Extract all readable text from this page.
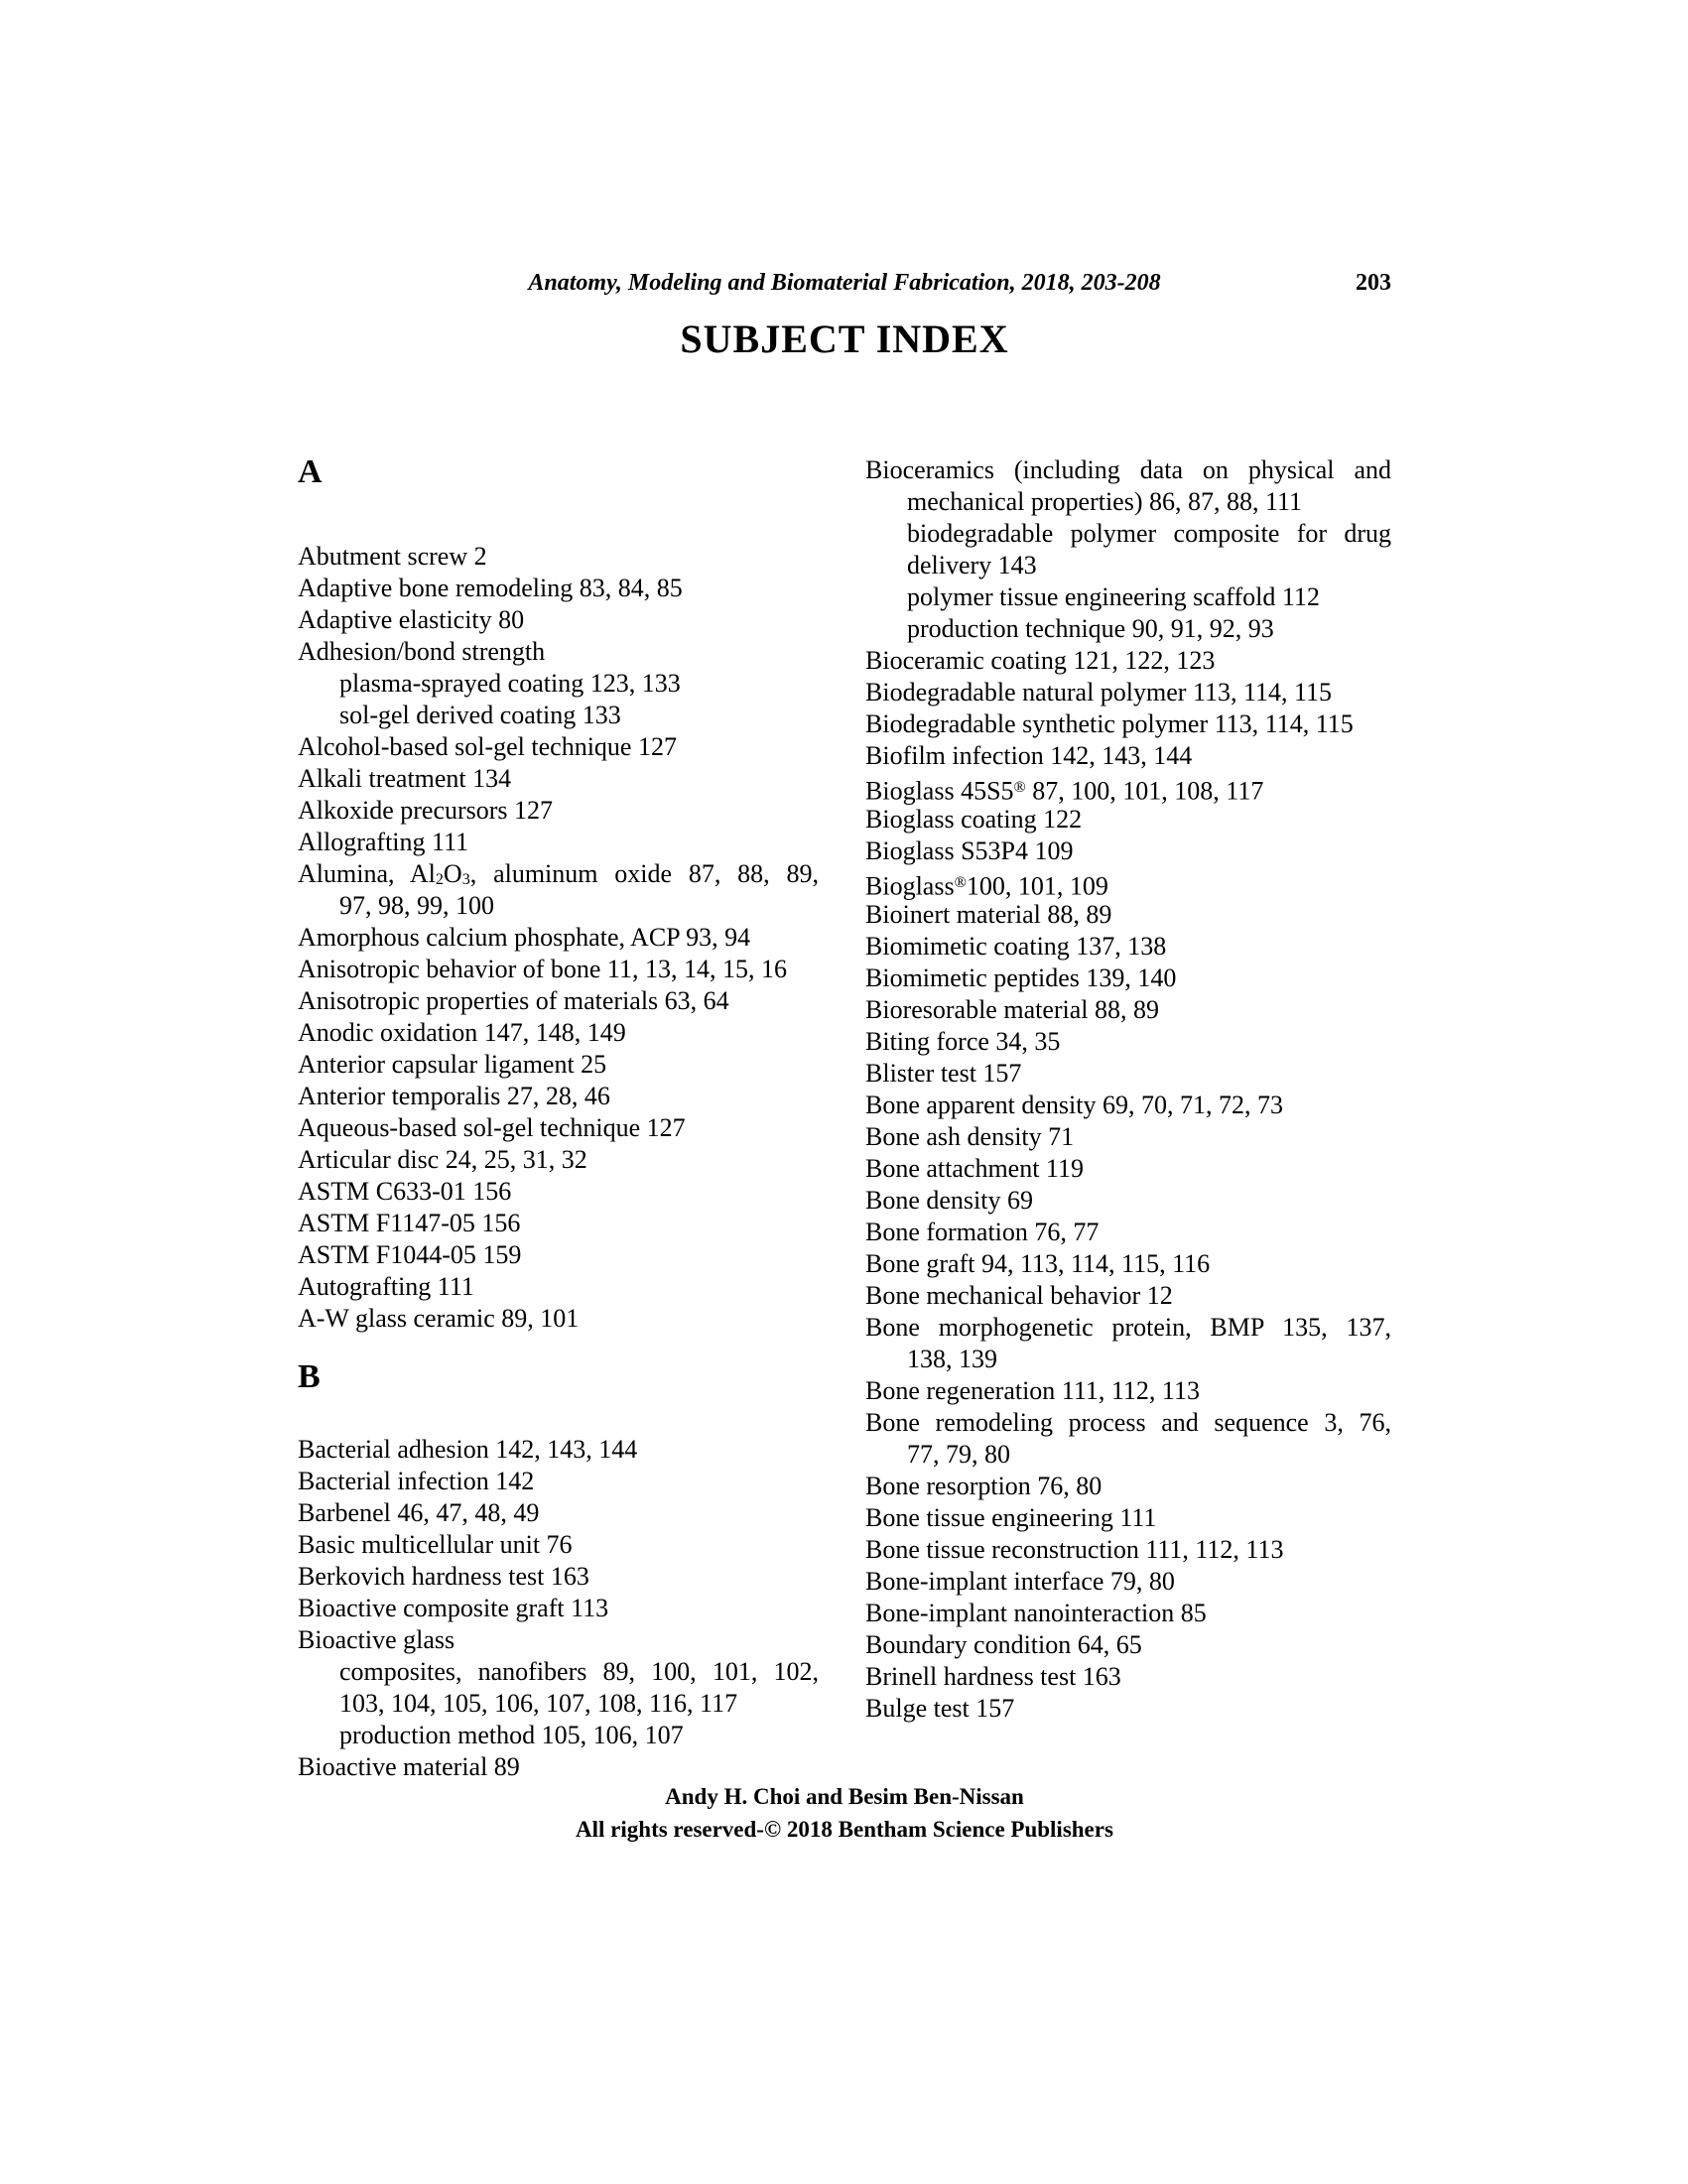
Anatomy, Modeling and Biomaterial Fabrication, 2018, 203-208	203
SUBJECT INDEX
A
Abutment screw 2
Adaptive bone remodeling 83, 84, 85
Adaptive elasticity 80
Adhesion/bond strength
plasma-sprayed coating 123, 133
sol-gel derived coating 133
Alcohol-based sol-gel technique 127
Alkali treatment 134
Alkoxide precursors 127
Allografting 111
Alumina, Al2O3, aluminum oxide 87, 88, 89,
97, 98, 99, 100
Amorphous calcium phosphate, ACP 93, 94
Anisotropic behavior of bone 11, 13, 14, 15, 16
Anisotropic properties of materials 63, 64
Anodic oxidation 147, 148, 149
Anterior capsular ligament 25
Anterior temporalis 27, 28, 46
Aqueous-based sol-gel technique 127
Articular disc 24, 25, 31, 32
ASTM C633-01 156
ASTM F1147-05 156
ASTM F1044-05 159
Autografting 111
A-W glass ceramic 89, 101
B
Bacterial adhesion 142, 143, 144
Bacterial infection 142
Barbenel 46, 47, 48, 49
Basic multicellular unit 76
Berkovich hardness test 163
Bioactive composite graft 113
Bioactive glass
composites, nanofibers 89, 100, 101, 102,
103, 104, 105, 106, 107, 108, 116, 117
production method 105, 106, 107
Bioactive material 89
Bioceramics (including data on physical and
mechanical properties) 86, 87, 88, 111
biodegradable polymer composite for drug
delivery 143
polymer tissue engineering scaffold 112
production technique 90, 91, 92, 93
Bioceramic coating 121, 122, 123
Biodegradable natural polymer 113, 114, 115
Biodegradable synthetic polymer 113, 114, 115
Biofilm infection 142, 143, 144
Bioglass 45S5® 87, 100, 101, 108, 117
Bioglass coating 122
Bioglass S53P4 109
Bioglass®100, 101, 109
Bioinert material 88, 89
Biomimetic coating 137, 138
Biomimetic peptides 139, 140
Bioresorable material 88, 89
Biting force 34, 35
Blister test 157
Bone apparent density 69, 70, 71, 72, 73
Bone ash density 71
Bone attachment 119
Bone density 69
Bone formation 76, 77
Bone graft 94, 113, 114, 115, 116
Bone mechanical behavior 12
Bone morphogenetic protein, BMP 135, 137,
138, 139
Bone regeneration 111, 112, 113
Bone remodeling process and sequence 3, 76,
77, 79, 80
Bone resorption 76, 80
Bone tissue engineering 111
Bone tissue reconstruction 111, 112, 113
Bone-implant interface 79, 80
Bone-implant nanointeraction 85
Boundary condition 64, 65
Brinell hardness test 163
Bulge test 157
Andy H. Choi and Besim Ben-Nissan
All rights reserved-© 2018 Bentham Science Publishers
